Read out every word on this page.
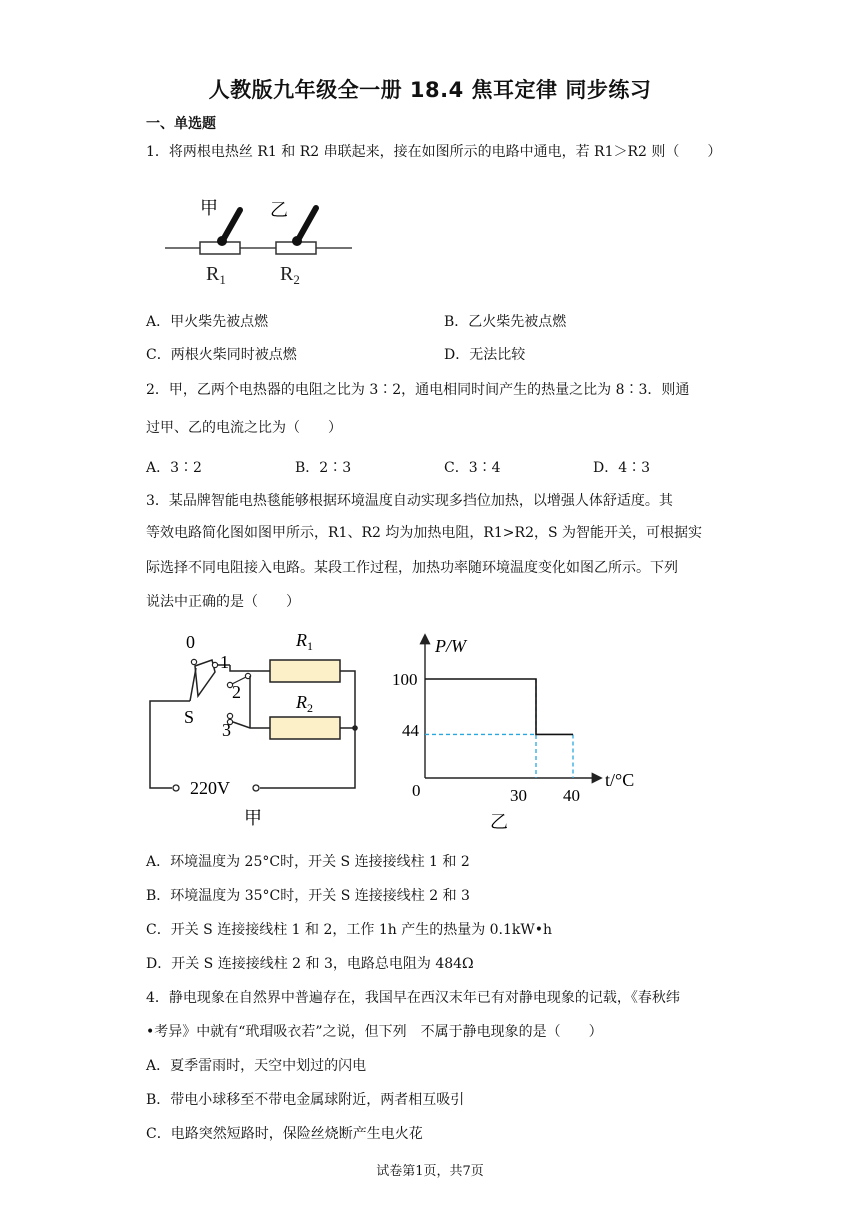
人教版九年级全一册 18.4 焦耳定律 同步练习
一、单选题
1．将两根电热丝 R1 和 R2 串联起来，接在如图所示的电路中通电，若 R1＞R2 则（　　）
甲	乙
$R_1$	$R_2$
A．甲火柴先被点燃	B．乙火柴先被点燃
C．两根火柴同时被点燃	D．无法比较
2．甲，乙两个电热器的电阻之比为 3∶2，通电相同时间产生的热量之比为 8∶3．则通
过甲、乙的电流之比为（　　）
A．3∶2	B．2∶3	C．3∶4	D．4∶3
3．某品牌智能电热毯能够根据环境温度自动实现多挡位加热，以增强人体舒适度。其
等效电路简化图如图甲所示，R1、R2 均为加热电阻，R1>R2，S 为智能开关，可根据实
际选择不同电阻接入电路。某段工作过程，加热功率随环境温度变化如图乙所示。下列
说法中正确的是（　　）
0
1
2
3
S
$R_1$
$R_2$
220V
甲
P/W
t/°C
0
100
44
30 40
乙
A．环境温度为 25°C时，开关 S 连接接线柱 1 和 2
B．环境温度为 35°C时，开关 S 连接接线柱 2 和 3
C．开关 S 连接接线柱 1 和 2，工作 1h 产生的热量为 0.1kW•h
D．开关 S 连接接线柱 2 和 3，电路总电阻为 484Ω
4．静电现象在自然界中普遍存在，我国早在西汉末年已有对静电现象的记载，《春秋纬
•考异》中就有“玳瑁吸衣若”之说，但下列　不属于静电现象的是（　　）
A．夏季雷雨时，天空中划过的闪电
B．带电小球移至不带电金属球附近，两者相互吸引
C．电路突然短路时，保险丝烧断产生电火花
试卷第1页，共7页
